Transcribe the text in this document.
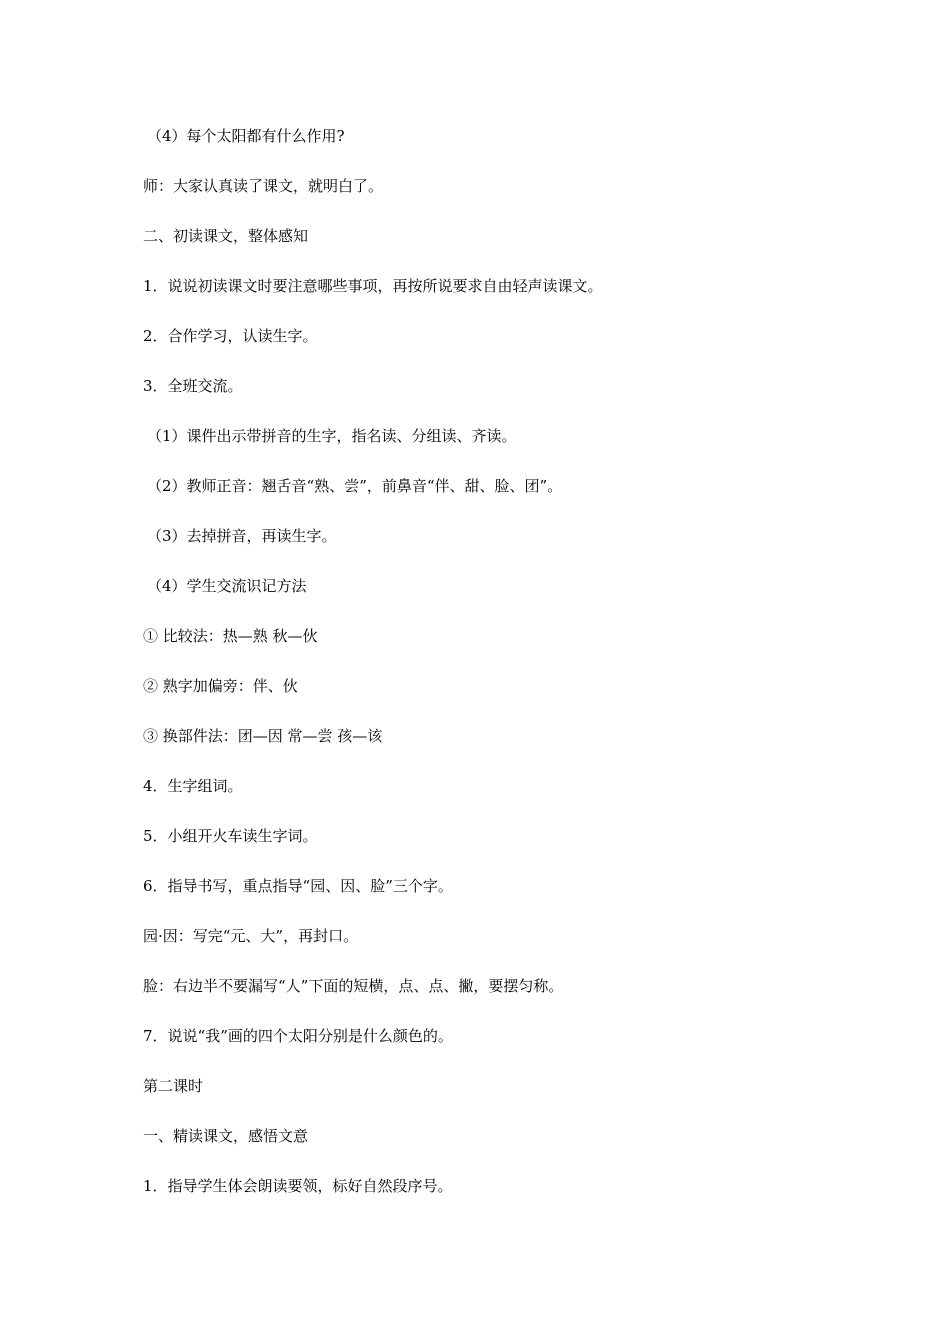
（4）每个太阳都有什么作用?
师：大家认真读了课文，就明白了。
二、初读课文，整体感知
1．说说初读课文时要注意哪些事项，再按所说要求自由轻声读课文。
2．合作学习，认读生字。
3．全班交流。
（1）课件出示带拼音的生字，指名读、分组读、齐读。
（2）教师正音：翘舌音“熟、尝”，前鼻音“伴、甜、脸、团”。
（3）去掉拼音，再读生字。
（4）学生交流识记方法
① 比较法：热—熟 秋—伙
② 熟字加偏旁：伴、伙
③ 换部件法：团—因 常—尝 孩—该
4．生字组词。
5．小组开火车读生字词。
6．指导书写，重点指导“园、因、脸”三个字。
园·因：写完“元、大”，再封口。
脸：右边半不要漏写“人”下面的短横，点、点、撇，要摆匀称。
7．说说“我”画的四个太阳分别是什么颜色的。
第二课时
一、精读课文，感悟文意
1．指导学生体会朗读要领，标好自然段序号。
